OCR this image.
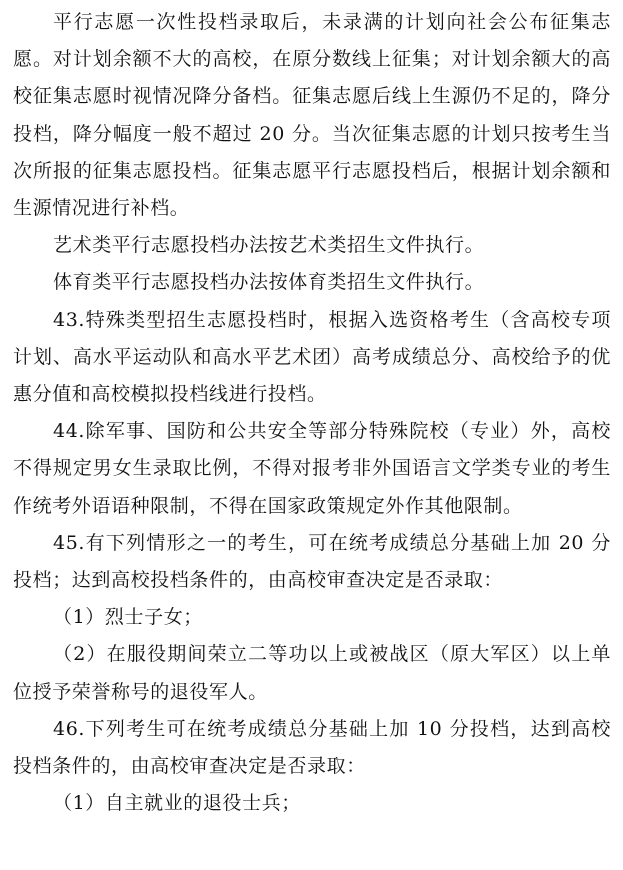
平行志愿一次性投档录取后，未录满的计划向社会公布征集志愿。对计划余额不大的高校，在原分数线上征集；对计划余额大的高校征集志愿时视情况降分备档。征集志愿后线上生源仍不足的，降分投档，降分幅度一般不超过 20 分。当次征集志愿的计划只按考生当次所报的征集志愿投档。征集志愿平行志愿投档后，根据计划余额和生源情况进行补档。

艺术类平行志愿投档办法按艺术类招生文件执行。

体育类平行志愿投档办法按体育类招生文件执行。

43.特殊类型招生志愿投档时，根据入选资格考生（含高校专项计划、高水平运动队和高水平艺术团）高考成绩总分、高校给予的优惠分值和高校模拟投档线进行投档。

44.除军事、国防和公共安全等部分特殊院校（专业）外，高校不得规定男女生录取比例，不得对报考非外国语言文学类专业的考生作统考外语语种限制，不得在国家政策规定外作其他限制。

45.有下列情形之一的考生，可在统考成绩总分基础上加 20 分投档；达到高校投档条件的，由高校审查决定是否录取：

（1）烈士子女；

（2）在服役期间荣立二等功以上或被战区（原大军区）以上单位授予荣誉称号的退役军人。

46.下列考生可在统考成绩总分基础上加 10 分投档，达到高校投档条件的，由高校审查决定是否录取：

（1）自主就业的退役士兵；
